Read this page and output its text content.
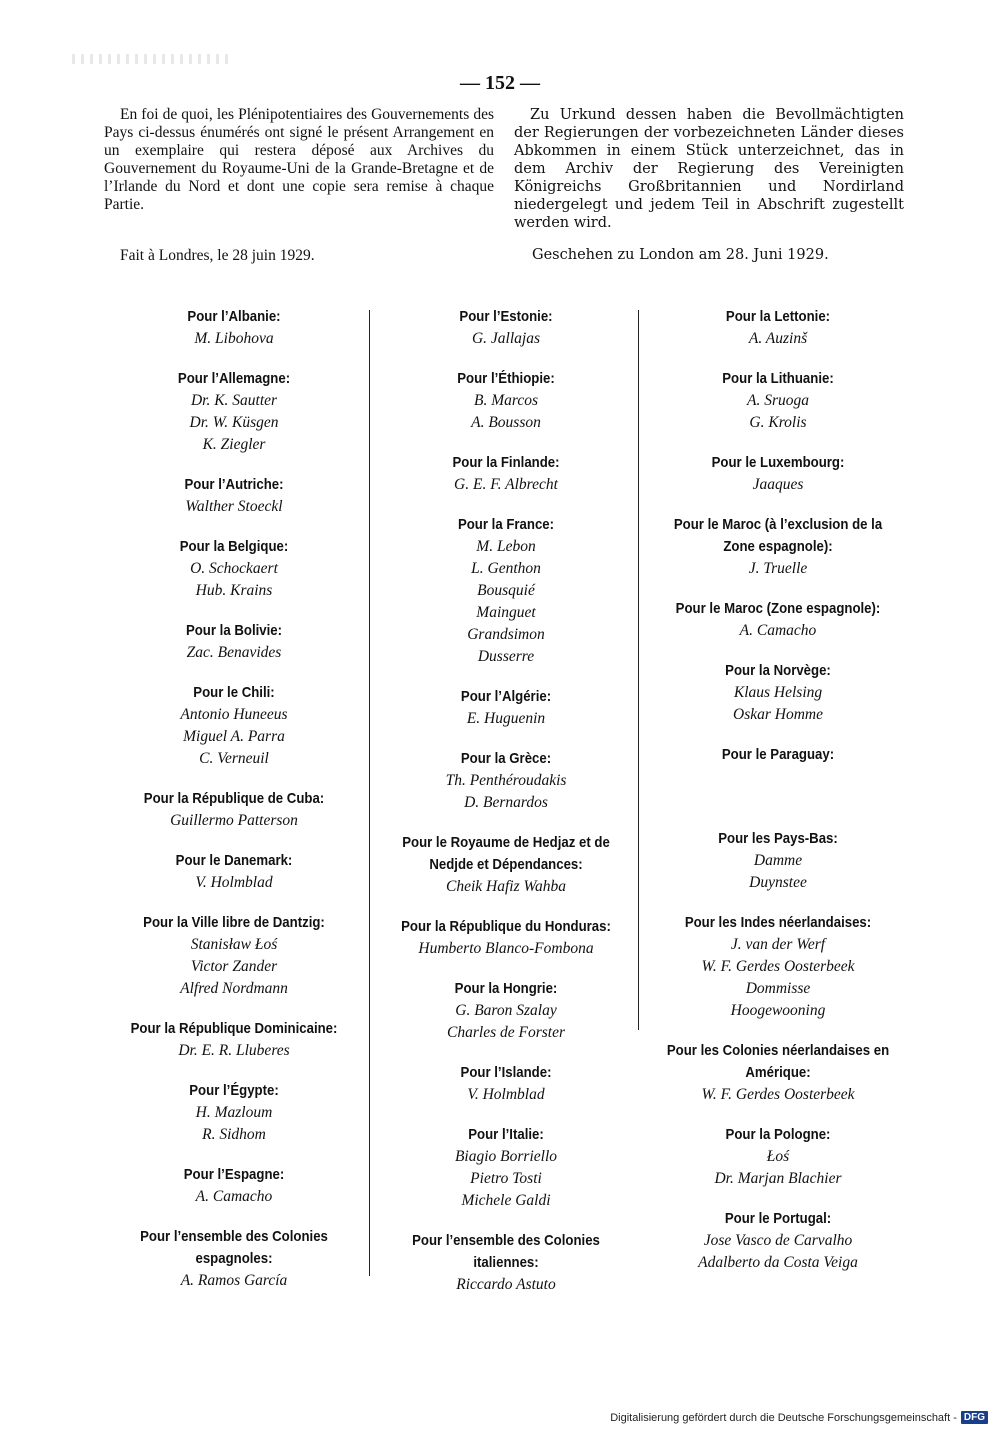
— 152 —

En foi de quoi, les Plénipotentiaires des Gouvernements des Pays ci-dessus énumérés ont signé le présent Arrangement en un exemplaire qui restera déposé aux Archives du Gouvernement du Royaume-Uni de la Grande-Bretagne et de l’Irlande du Nord et dont une copie sera remise à chaque Partie.

Zu Urkund dessen haben die Bevollmächtigten der Regierungen der vorbezeichneten Länder dieses Abkommen in einem Stück unterzeichnet, das in dem Archiv der Regierung des Vereinigten Königreichs Großbritannien und Nordirland niedergelegt und jedem Teil in Abschrift zugestellt werden wird.

Fait à Londres, le 28 juin 1929.	Geschehen zu London am 28. Juni 1929.
Pour l’Albanie:
M. Libohova
Pour l’Allemagne:
Dr. K. Sautter
Dr. W. Küsgen
K. Ziegler
Pour l’Autriche:
Walther Stoeckl
Pour la Belgique:
O. Schockaert
Hub. Krains
Pour la Bolivie:
Zac. Benavides
Pour le Chili:
Antonio Huneeus
Miguel A. Parra
C. Verneuil
Pour la République de Cuba:
Guillermo Patterson
Pour le Danemark:
V. Holmblad
Pour la Ville libre de Dantzig:
Stanisław Łoś
Victor Zander
Alfred Nordmann
Pour la République Dominicaine:
Dr. E. R. Lluberes
Pour l’Égypte:
H. Mazloum
R. Sidhom
Pour l’Espagne:
A. Camacho
Pour l’ensemble des Colonies espagnoles:
A. Ramos García
Pour l’Estonie:
G. Jallajas
Pour l’Éthiopie:
B. Marcos
A. Bousson
Pour la Finlande:
G. E. F. Albrecht
Pour la France:
M. Lebon
L. Genthon
Bousquié
Mainguet
Grandsimon
Dusserre
Pour l’Algérie:
E. Huguenin
Pour la Grèce:
Th. Penthéroudakis
D. Bernardos
Pour le Royaume de Hedjaz et de Nedjde et Dépendances:
Cheik Hafiz Wahba
Pour la République du Honduras:
Humberto Blanco-Fombona
Pour la Hongrie:
G. Baron Szalay
Charles de Forster
Pour l’Islande:
V. Holmblad
Pour l’Italie:
Biagio Borriello
Pietro Tosti
Michele Galdi
Pour l’ensemble des Colonies italiennes:
Riccardo Astuto
Pour la Lettonie:
A. Auzinš
Pour la Lithuanie:
A. Sruoga
G. Krolis
Pour le Luxembourg:
Jaaques
Pour le Maroc (à l’exclusion de la Zone espagnole):
J. Truelle
Pour le Maroc (Zone espagnole):
A. Camacho
Pour la Norvège:
Klaus Helsing
Oskar Homme
Pour le Paraguay:

Pour les Pays-Bas:
Damme
Duynstee
Pour les Indes néerlandaises:
J. van der Werf
W. F. Gerdes Oosterbeek
Dommisse
Hoogewooning
Pour les Colonies néerlandaises en Amérique:
W. F. Gerdes Oosterbeek
Pour la Pologne:
Łoś
Dr. Marjan Blachier
Pour le Portugal:
Jose Vasco de Carvalho
Adalberto da Costa Veiga
Digitalisierung gefördert durch die Deutsche Forschungsgemeinschaft - DFG
